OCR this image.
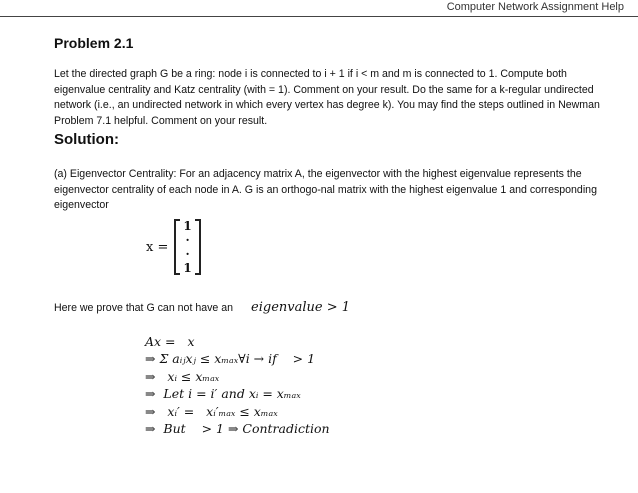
Computer Network Assignment Help
Problem 2.1

Let the directed graph G be a ring: node i is connected to i + 1 if i < m and m is connected to 1. Compute both eigenvalue centrality and Katz centrality (with = 1). Comment on your result. Do the same for a k-regular undirected network (i.e., an undirected network in which every vertex has degree k). You may find the steps outlined in Newman Problem 7.1 helpful. Comment on your result.

Solution:
(a) Eigenvector Centrality: For an adjacency matrix A, the eigenvector with the highest eigenvalue represents the eigenvector centrality of each node in A. G is an orthogo-nal matrix with the highest eigenvalue 1 and corresponding eigenvector
x =
1
·
·
1
Here we prove that G can not have an eigenvalue > 1
Ax =   x
⇒ Σ aᵢⱼxⱼ ≤ xₘₐₓ∀i → if    > 1
⇒   xᵢ ≤ xₘₐₓ
⇒  Let i = i′ and xᵢ = xₘₐₓ
⇒   xᵢ′ =   xᵢ′ₘₐₓ ≤ xₘₐₓ
⇒  But    > 1 ⇒ Contradiction
